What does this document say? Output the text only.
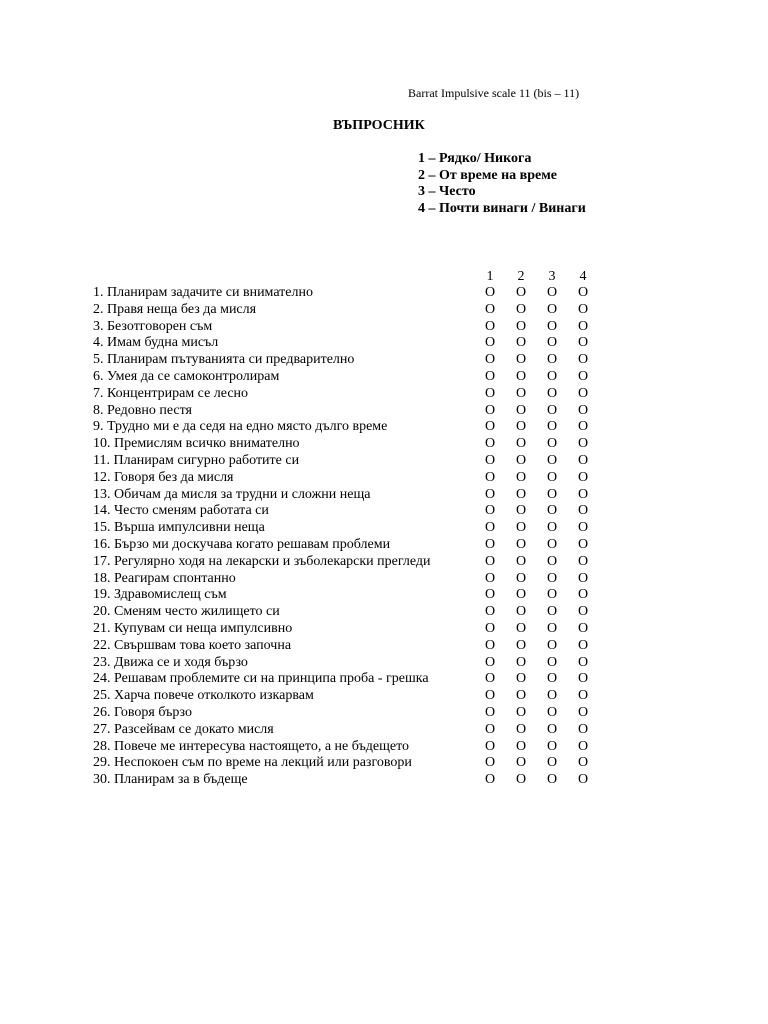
Barrat Impulsive scale 11 (bis – 11)
ВЪПРОСНИК
1 – Рядко/ Никога
2 – От време на време
3 – Често
4 – Почти винаги / Винаги
1	2	3	4
1. Планирам задачите си внимателно	O	O	O	O
2. Правя неща без да мисля	O	O	O	O
3. Безотговорен съм	O	O	O	O
4. Имам будна мисъл	O	O	O	O
5. Планирам пътуванията си предварително	O	O	O	O
6. Умея да се самоконтролирам	O	O	O	O
7. Концентрирам се лесно	O	O	O	O
8. Редовно пестя	O	O	O	O
9. Трудно ми е да седя на едно място дълго време	O	O	O	O
10. Премислям всичко внимателно	O	O	O	O
11. Планирам сигурно работите си	O	O	O	O
12. Говоря без да мисля	O	O	O	O
13. Обичам да мисля за трудни и сложни неща	O	O	O	O
14. Често сменям работата си	O	O	O	O
15. Върша импулсивни неща	O	O	O	O
16. Бързо ми доскучава когато решавам проблеми	O	O	O	O
17. Регулярно ходя на лекарски и зъболекарски прегледи	O	O	O	O
18. Реагирам спонтанно	O	O	O	O
19. Здравомислещ съм	O	O	O	O
20. Сменям често жилището си	O	O	O	O
21. Купувам си неща импулсивно	O	O	O	O
22. Свършвам това което започна	O	O	O	O
23. Движа се и ходя бързо	O	O	O	O
24. Решавам проблемите си на принципа проба - грешка	O	O	O	O
25. Харча повече отколкото изкарвам	O	O	O	O
26. Говоря бързо	O	O	O	O
27. Разсейвам се докато мисля	O	O	O	O
28. Повече ме интересува настоящето, а не бъдещето	O	O	O	O
29. Неспокоен съм по време на лекций или разговори	O	O	O	O
30. Планирам за в бъдеще	O	O	O	O
